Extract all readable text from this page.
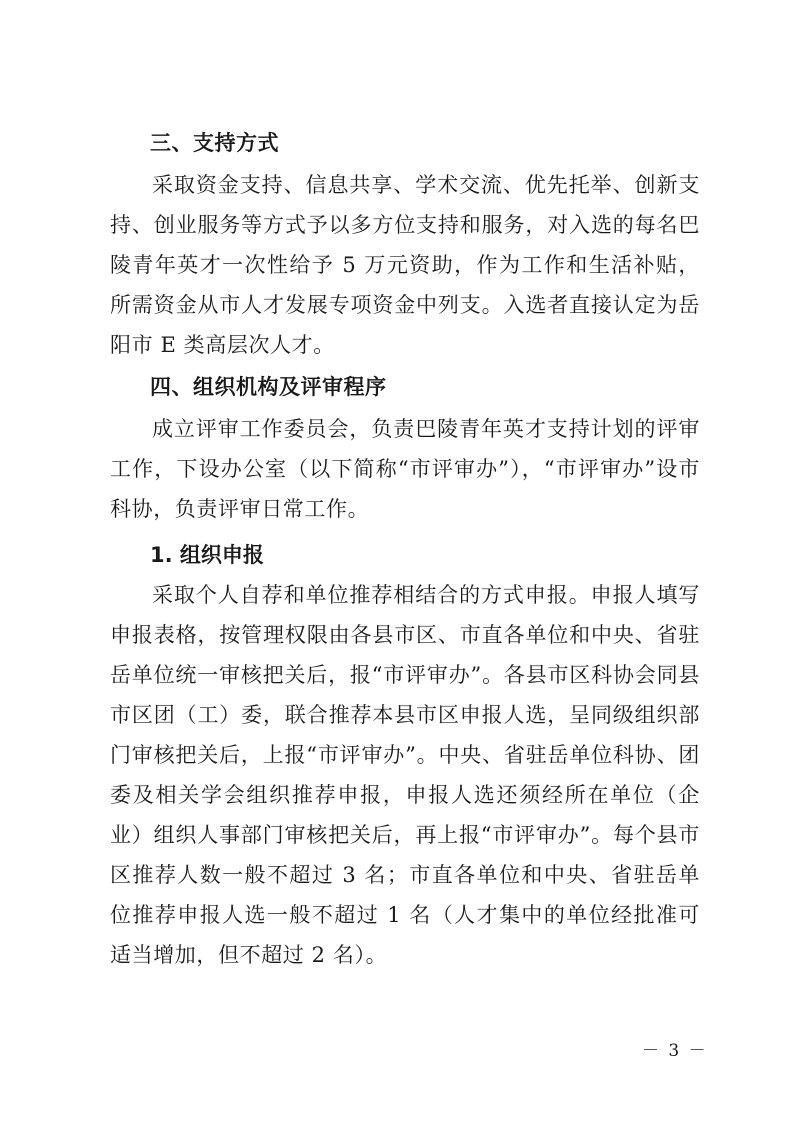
三、支持方式

采取资金支持、信息共享、学术交流、优先托举、创新支持、创业服务等方式予以多方位支持和服务，对入选的每名巴陵青年英才一次性给予 5 万元资助，作为工作和生活补贴，所需资金从市人才发展专项资金中列支。入选者直接认定为岳阳市 E 类高层次人才。

四、组织机构及评审程序

成立评审工作委员会，负责巴陵青年英才支持计划的评审工作，下设办公室（以下简称“市评审办”），“市评审办”设市科协，负责评审日常工作。

1. 组织申报

采取个人自荐和单位推荐相结合的方式申报。申报人填写申报表格，按管理权限由各县市区、市直各单位和中央、省驻岳单位统一审核把关后，报“市评审办”。各县市区科协会同县市区团（工）委，联合推荐本县市区申报人选，呈同级组织部门审核把关后，上报“市评审办”。中央、省驻岳单位科协、团委及相关学会组织推荐申报，申报人选还须经所在单位（企业）组织人事部门审核把关后，再上报“市评审办”。每个县市区推荐人数一般不超过 3 名；市直各单位和中央、省驻岳单位推荐申报人选一般不超过 1 名（人才集中的单位经批准可适当增加，但不超过 2 名）。

－ 3 －
